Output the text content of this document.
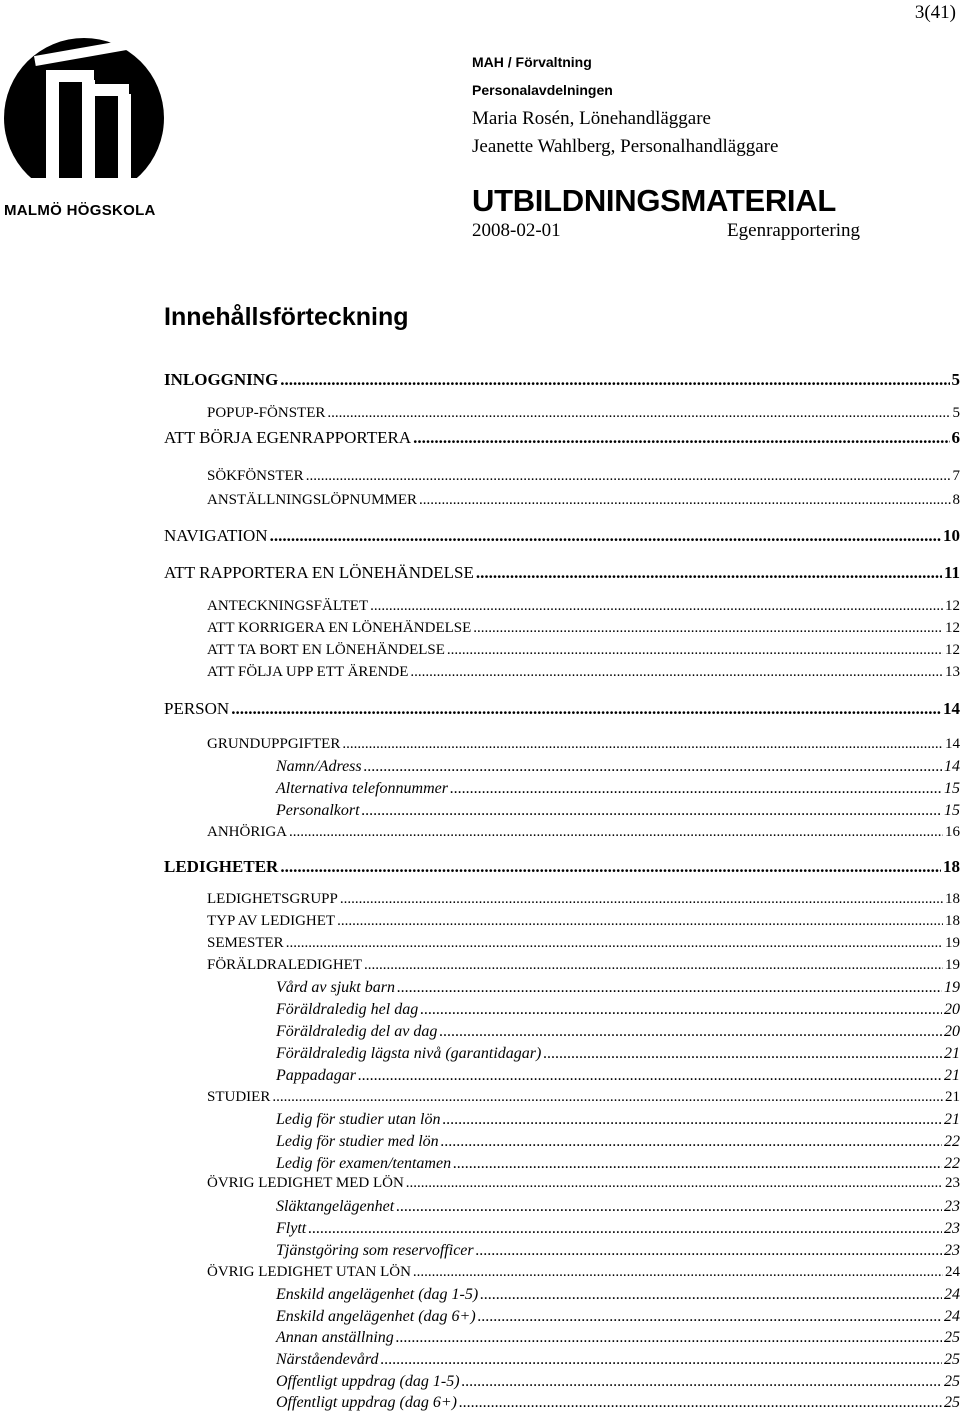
3(41)
MALMÖ HÖGSKOLA
MAH / Förvaltning
Personalavdelningen
Maria Rosén, Lönehandläggare
Jeanette Wahlberg, Personalhandläggare
UTBILDNINGSMATERIAL
2008-02-01	Egenrapportering
Innehållsförteckning
INLOGGNING .....	5
POPUP-FÖNSTER .....	5
ATT BÖRJA EGENRAPPORTERA .....	6
SÖKFÖNSTER .....	7
ANSTÄLLNINGSLÖPNUMMER .....	8
NAVIGATION .....	10
ATT RAPPORTERA EN LÖNEHÄNDELSE .....	11
ANTECKNINGSFÄLTET .....	12
ATT KORRIGERA EN LÖNEHÄNDELSE .....	12
ATT TA BORT EN LÖNEHÄNDELSE .....	12
ATT FÖLJA UPP ETT ÄRENDE .....	13
PERSON .....	14
GRUNDUPPGIFTER .....	14
Namn/Adress .....	14
Alternativa telefonnummer .....	15
Personalkort .....	15
ANHÖRIGA .....	16
LEDIGHETER .....	18
LEDIGHETSGRUPP .....	18
TYP AV LEDIGHET .....	18
SEMESTER .....	19
FÖRÄLDRALEDIGHET .....	19
Vård av sjukt barn .....	19
Föräldraledig hel dag .....	20
Föräldraledig del av dag .....	20
Föräldraledig lägsta nivå (garantidagar) .....	21
Pappadagar .....	21
STUDIER .....	21
Ledig för studier utan lön .....	21
Ledig för studier med lön .....	22
Ledig för examen/tentamen .....	22
ÖVRIG LEDIGHET MED LÖN .....	23
Släktangelägenhet .....	23
Flytt .....	23
Tjänstgöring som reservofficer .....	23
ÖVRIG LEDIGHET UTAN LÖN .....	24
Enskild angelägenhet (dag 1-5) .....	24
Enskild angelägenhet (dag 6+) .....	24
Annan anställning .....	25
Närståendevård .....	25
Offentligt uppdrag (dag 1-5) .....	25
Offentligt uppdrag (dag 6+) .....	25
